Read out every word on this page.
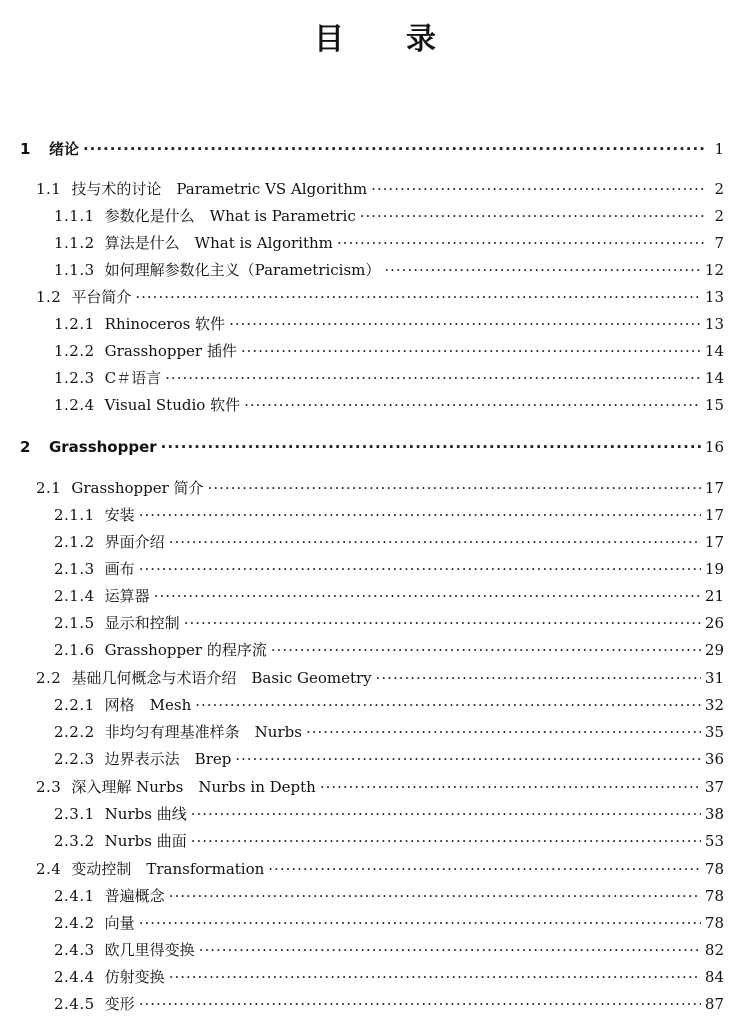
目 录
1 绪论 ·····	1
1.1 技与术的讨论　Parametric VS Algorithm ·····	2
1.1.1 参数化是什么　What is Parametric ·····	2
1.1.2 算法是什么　What is Algorithm ·····	7
1.1.3 如何理解参数化主义（Parametricism） ·····	12
1.2 平台简介 ·····	13
1.2.1 Rhinoceros 软件 ·····	13
1.2.2 Grasshopper 插件 ·····	14
1.2.3 C＃语言 ·····	14
1.2.4 Visual Studio 软件 ·····	15
2 Grasshopper ·····	16
2.1 Grasshopper 简介 ·····	17
2.1.1 安装 ·····	17
2.1.2 界面介绍 ·····	17
2.1.3 画布 ·····	19
2.1.4 运算器 ·····	21
2.1.5 显示和控制 ·····	26
2.1.6 Grasshopper 的程序流 ·····	29
2.2 基础几何概念与术语介绍　Basic Geometry ·····	31
2.2.1 网格　Mesh ·····	32
2.2.2 非均匀有理基准样条　Nurbs ·····	35
2.2.3 边界表示法　Brep ·····	36
2.3 深入理解 Nurbs　Nurbs in Depth ·····	37
2.3.1 Nurbs 曲线 ·····	38
2.3.2 Nurbs 曲面 ·····	53
2.4 变动控制　Transformation ·····	78
2.4.1 普遍概念 ·····	78
2.4.2 向量 ·····	78
2.4.3 欧几里得变换 ·····	82
2.4.4 仿射变换 ·····	84
2.4.5 变形 ·····	87
